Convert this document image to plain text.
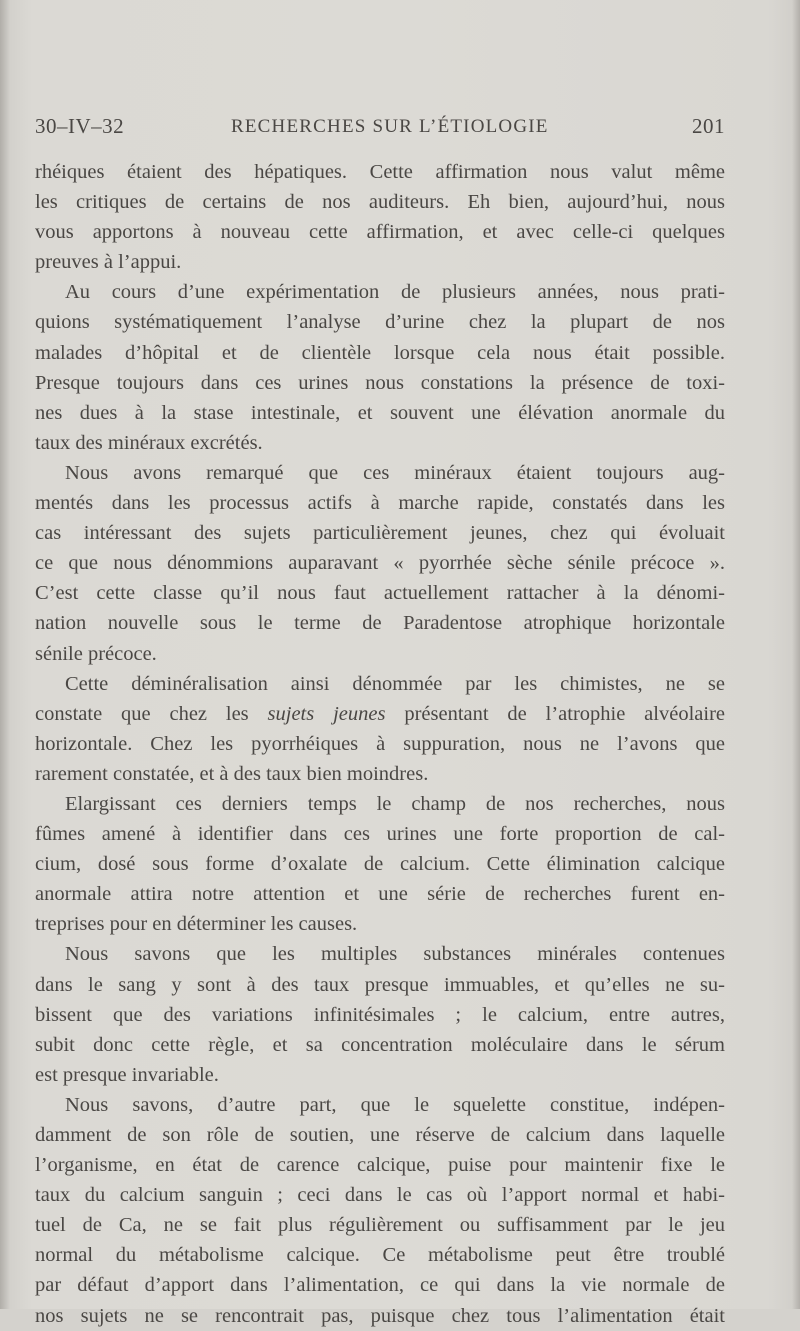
30–IV–32	RECHERCHES SUR L’ÉTIOLOGIE	201
rhéiques étaient des hépatiques. Cette affirmation nous valut même
les critiques de certains de nos auditeurs. Eh bien, aujourd’hui, nous
vous apportons à nouveau cette affirmation, et avec celle-ci quelques
preuves à l’appui.
Au cours d’une expérimentation de plusieurs années, nous prati-
quions systématiquement l’analyse d’urine chez la plupart de nos
malades d’hôpital et de clientèle lorsque cela nous était possible.
Presque toujours dans ces urines nous constations la présence de toxi-
nes dues à la stase intestinale, et souvent une élévation anormale du
taux des minéraux excrétés.
Nous avons remarqué que ces minéraux étaient toujours aug-
mentés dans les processus actifs à marche rapide, constatés dans les
cas intéressant des sujets particulièrement jeunes, chez qui évoluait
ce que nous dénommions auparavant « pyorrhée sèche sénile précoce ».
C’est cette classe qu’il nous faut actuellement rattacher à la dénomi-
nation nouvelle sous le terme de Paradentose atrophique horizontale
sénile précoce.
Cette déminéralisation ainsi dénommée par les chimistes, ne se
constate que chez les sujets jeunes présentant de l’atrophie alvéolaire
horizontale. Chez les pyorrhéiques à suppuration, nous ne l’avons que
rarement constatée, et à des taux bien moindres.
Elargissant ces derniers temps le champ de nos recherches, nous
fûmes amené à identifier dans ces urines une forte proportion de cal-
cium, dosé sous forme d’oxalate de calcium. Cette élimination calcique
anormale attira notre attention et une série de recherches furent en-
treprises pour en déterminer les causes.
Nous savons que les multiples substances minérales contenues
dans le sang y sont à des taux presque immuables, et qu’elles ne su-
bissent que des variations infinitésimales ; le calcium, entre autres,
subit donc cette règle, et sa concentration moléculaire dans le sérum
est presque invariable.
Nous savons, d’autre part, que le squelette constitue, indépen-
damment de son rôle de soutien, une réserve de calcium dans laquelle
l’organisme, en état de carence calcique, puise pour maintenir fixe le
taux du calcium sanguin ; ceci dans le cas où l’apport normal et habi-
tuel de Ca, ne se fait plus régulièrement ou suffisamment par le jeu
normal du métabolisme calcique. Ce métabolisme peut être troublé
par défaut d’apport dans l’alimentation, ce qui dans la vie normale de
nos sujets ne se rencontrait pas, puisque chez tous l’alimentation était
